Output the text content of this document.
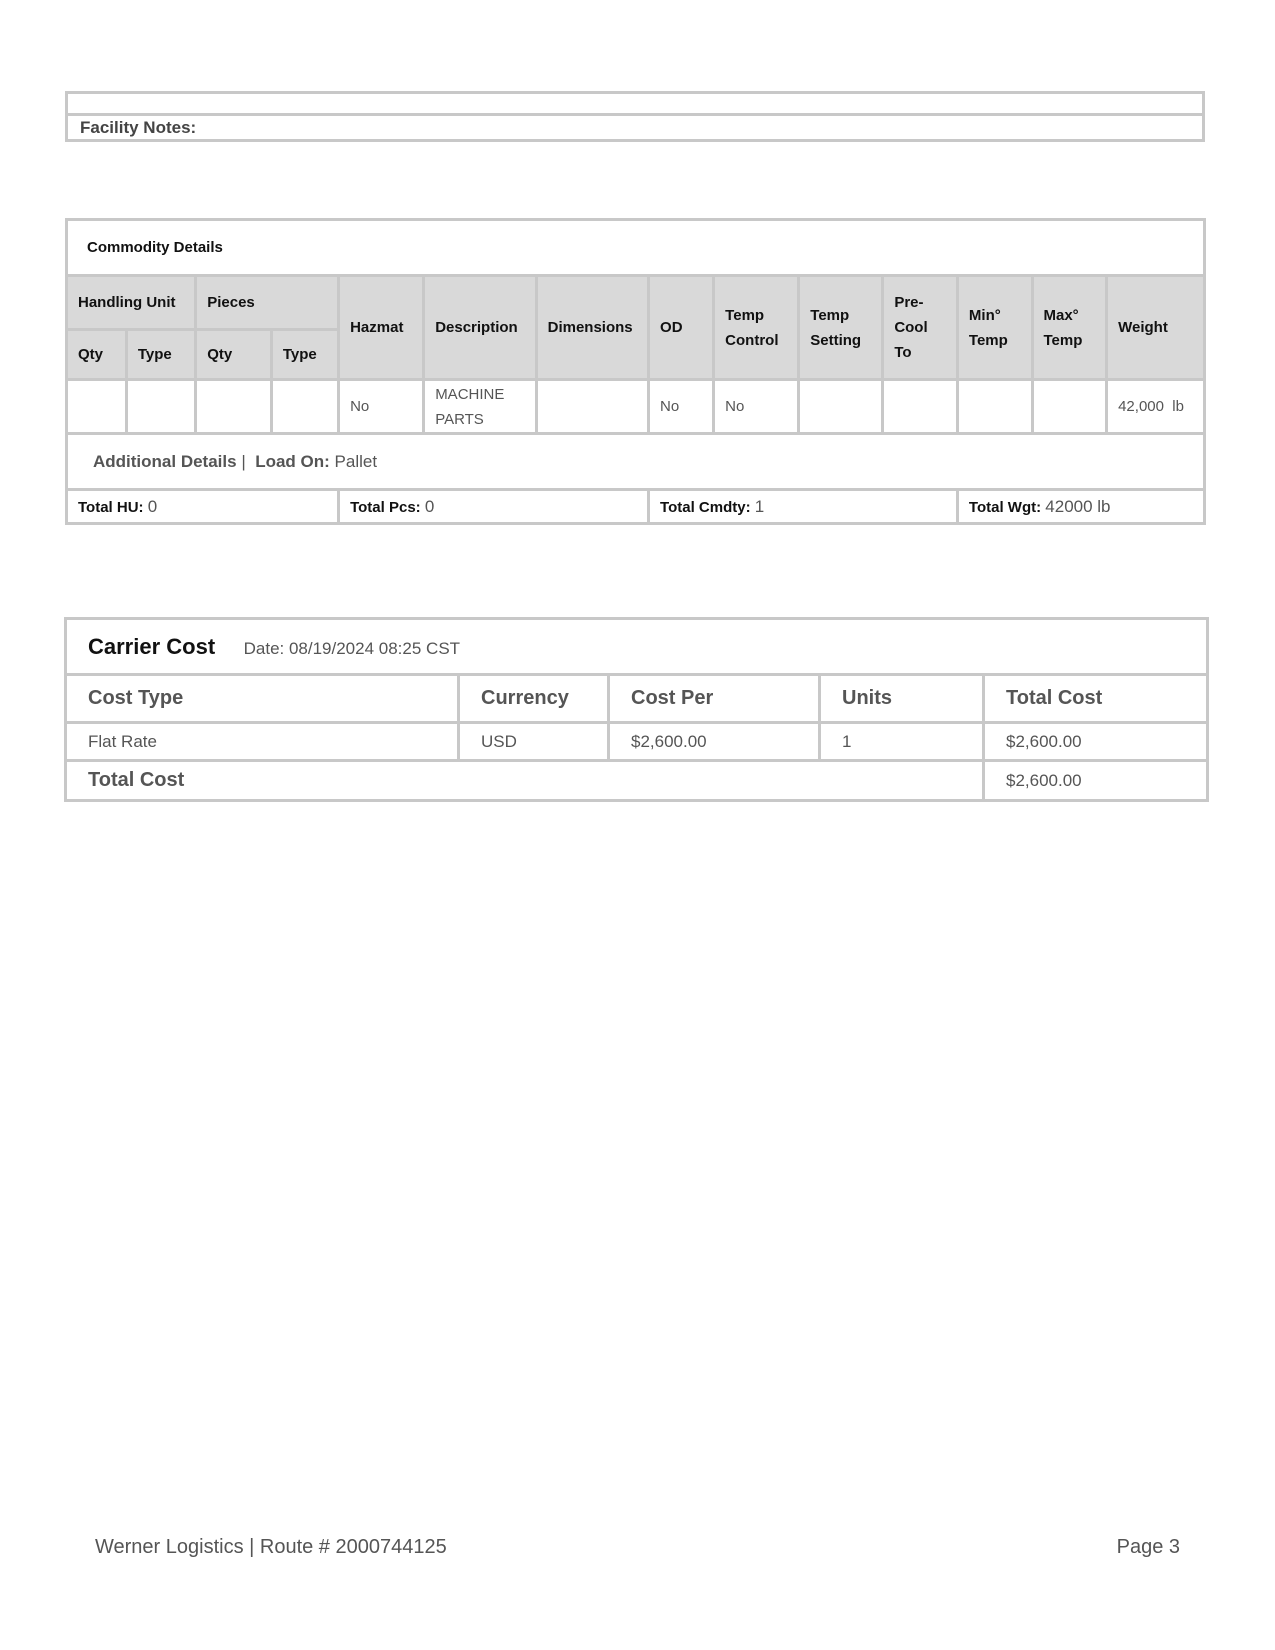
Facility Notes:
Commodity Details													
Handling Unit		Pieces		Hazmat	Description	Dimensions	OD	Temp Control	Temp Setting	Pre-Cool To	Min° Temp	Max° Temp	Weight
Qty	Type	Qty	Type										
				No	MACHINE PARTS		No	No					42,000  lb
Additional Details | Load On: Pallet													
Total HU: 0				Total Pcs: 0			Total Cmdty: 1				Total Wgt: 42000 lb		
Carrier Cost Date: 08/19/2024 08:25 CST				
Cost Type	Currency	Cost Per	Units	Total Cost
Flat Rate	USD	$2,600.00	1	$2,600.00
Total Cost				$2,600.00
Werner Logistics | Route # 2000744125	Page 3
